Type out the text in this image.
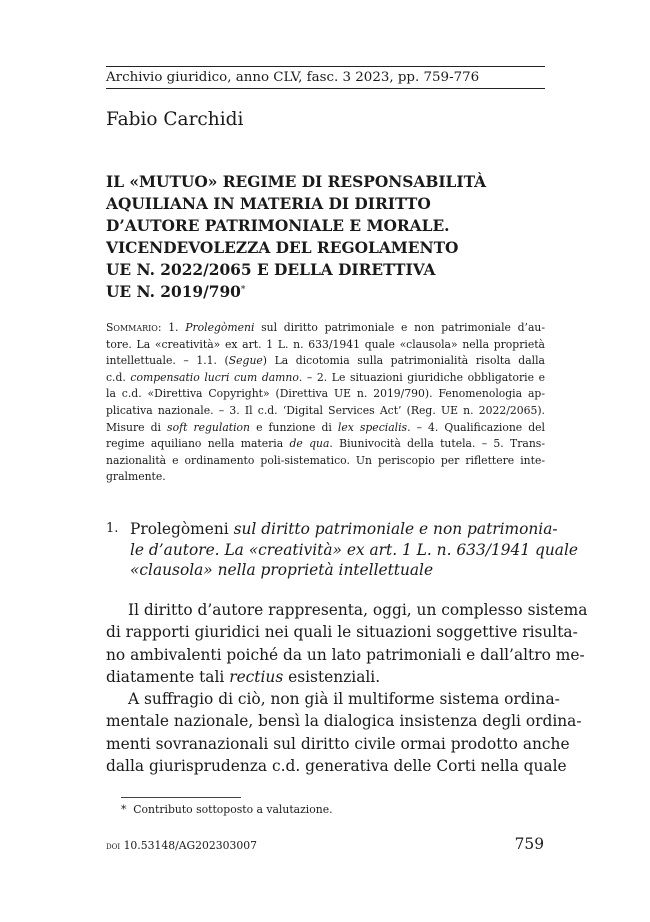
Archivio giuridico, anno CLV, fasc. 3 2023, pp. 759-776
Fabio Carchidi
IL «MUTUO» REGIME DI RESPONSABILITÀ
AQUILIANA IN MATERIA DI DIRITTO
D’AUTORE PATRIMONIALE E MORALE.
VICENDEVOLEZZA DEL REGOLAMENTO
UE N. 2022/2065 E DELLA DIRETTIVA
UE N. 2019/790*
Sommario: 1. Prolegòmeni sul diritto patrimoniale e non patrimoniale d’au-
tore. La «creatività» ex art. 1 L. n. 633/1941 quale «clausola» nella proprietà
intellettuale. – 1.1. (Segue) La dicotomia sulla patrimonialità risolta dalla
c.d. compensatio lucri cum damno. – 2. Le situazioni giuridiche obbligatorie e
la c.d. «Direttiva Copyright» (Direttiva UE n. 2019/790). Fenomenologia ap-
plicativa nazionale. – 3. Il c.d. ‘Digital Services Act’ (Reg. UE n. 2022/2065).
Misure di soft regulation e funzione di lex specialis. – 4. Qualificazione del
regime aquiliano nella materia de qua. Biunivocità della tutela. – 5. Trans-
nazionalità e ordinamento poli-sistematico. Un periscopio per riflettere inte-
gralmente.
1. Prolegòmeni sul diritto patrimoniale e non patrimonia-
le d’autore. La «creatività» ex art. 1 L. n. 633/1941 quale
«clausola» nella proprietà intellettuale
Il diritto d’autore rappresenta, oggi, un complesso sistema
di rapporti giuridici nei quali le situazioni soggettive risulta-
no ambivalenti poiché da un lato patrimoniali e dall’altro me-
diatamente tali rectius esistenziali.
A suffragio di ciò, non già il multiforme sistema ordina-
mentale nazionale, bensì la dialogica insistenza degli ordina-
menti sovranazionali sul diritto civile ormai prodotto anche
dalla giurisprudenza c.d. generativa delle Corti nella quale
* Contributo sottoposto a valutazione.
doi 10.53148/AG202303007	759
